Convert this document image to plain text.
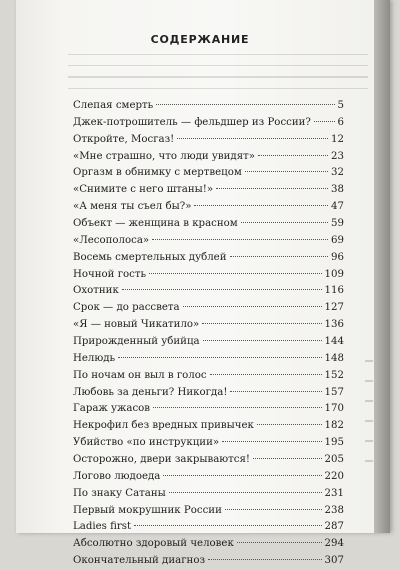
СОДЕРЖАНИЕ
Слепая смерть	5
Джек-потрошитель — фельдшер из России?	6
Откройте, Мосгаз!	12
«Мне страшно, что люди увидят»	23
Оргазм в обнимку с мертвецом	32
«Снимите с него штаны!»	38
«А меня ты съел бы?»	47
Объект — женщина в красном	59
«Лесополоса»	69
Восемь смертельных дублей	96
Ночной гость	109
Охотник	116
Срок — до рассвета	127
«Я — новый Чикатило»	136
Прирожденный убийца	144
Нелюдь	148
По ночам он выл в голос	152
Любовь за деньги? Никогда!	157
Гараж ужасов	170
Некрофил без вредных привычек	182
Убийство «по инструкции»	195
Осторожно, двери закрываются!	205
Логово людоеда	220
По знаку Сатаны	231
Первый мокрушник России	238
Ladies first	287
Абсолютно здоровый человек	294
Окончательный диагноз	307
